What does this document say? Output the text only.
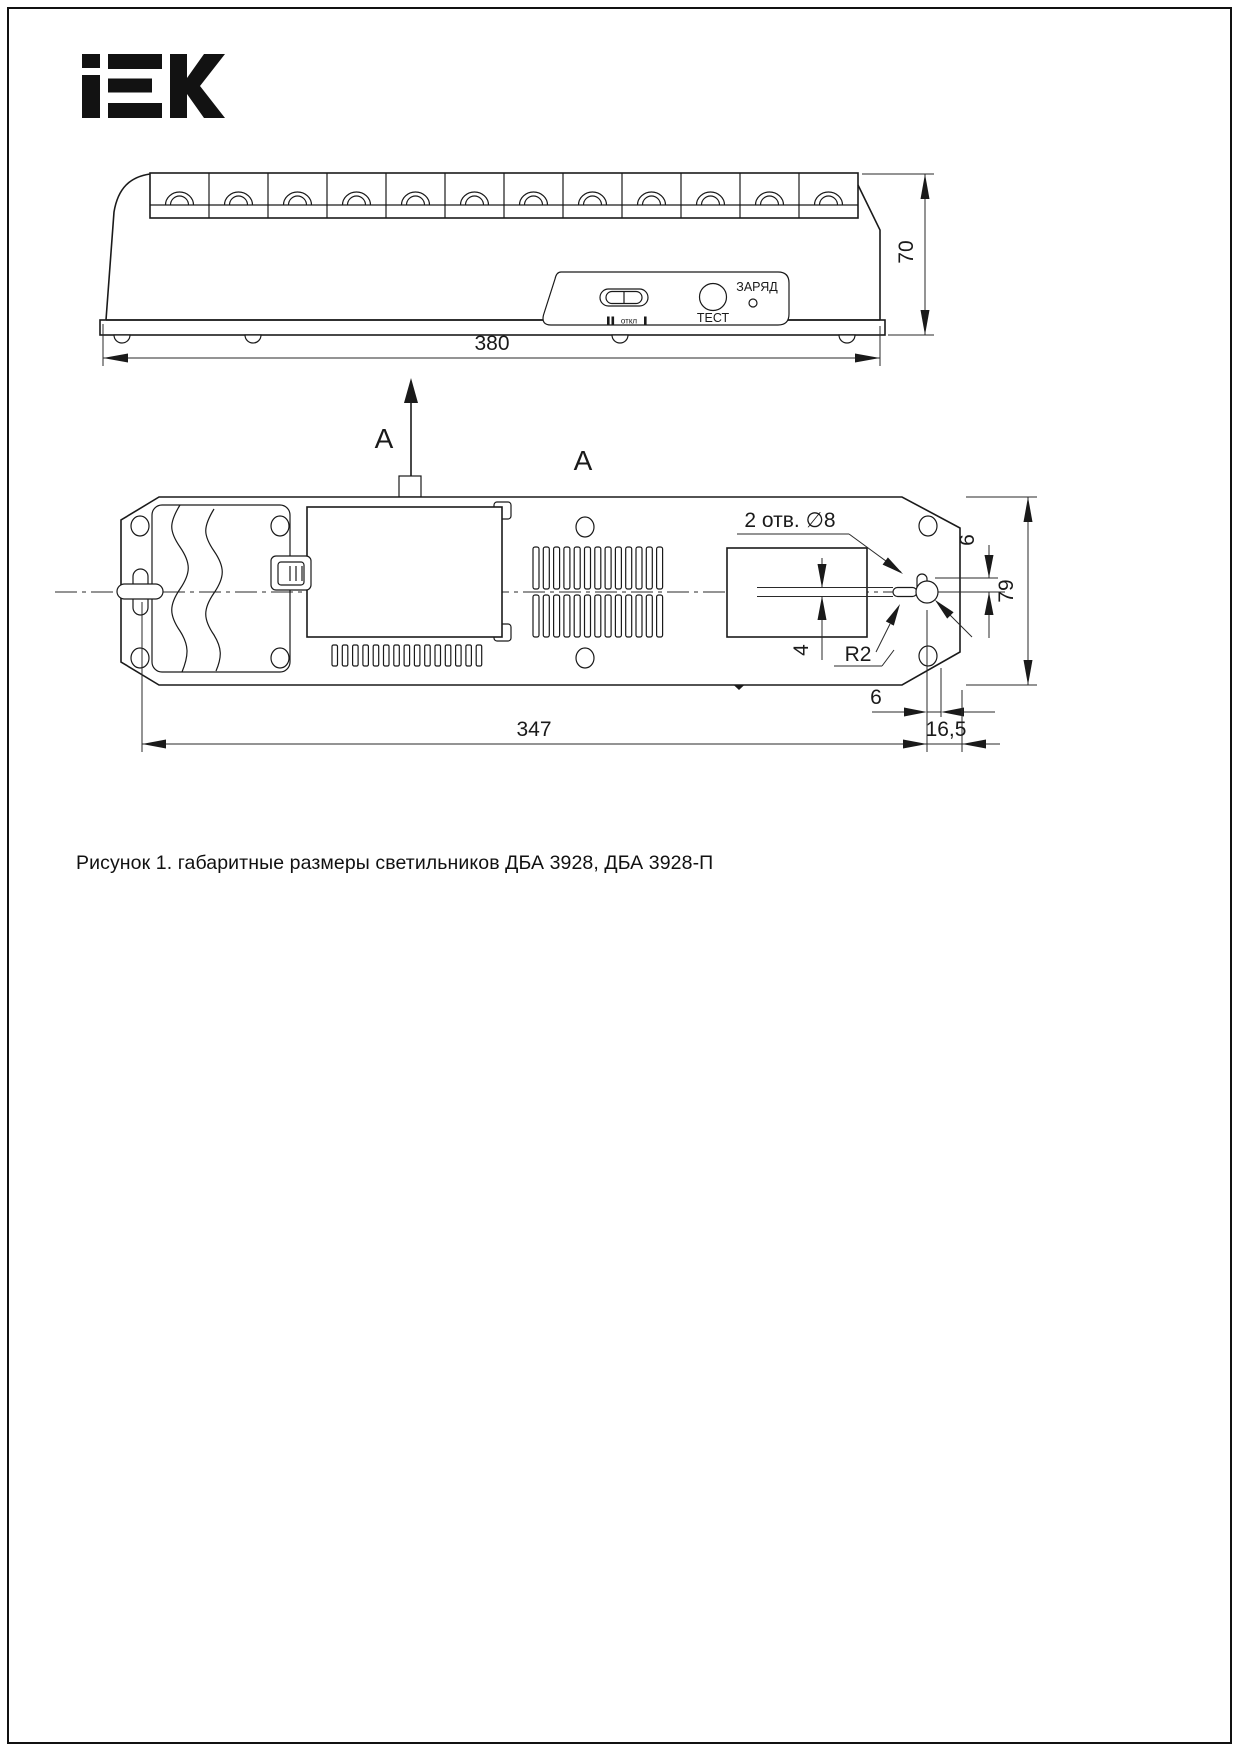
откл	ТЕСТ
ЗАРЯД
70
380
A
A
2 отв. ∅8
R2
4
6
79
6
347	16,5
Рисунок 1. габаритные размеры светильников ДБА 3928, ДБА 3928-П
